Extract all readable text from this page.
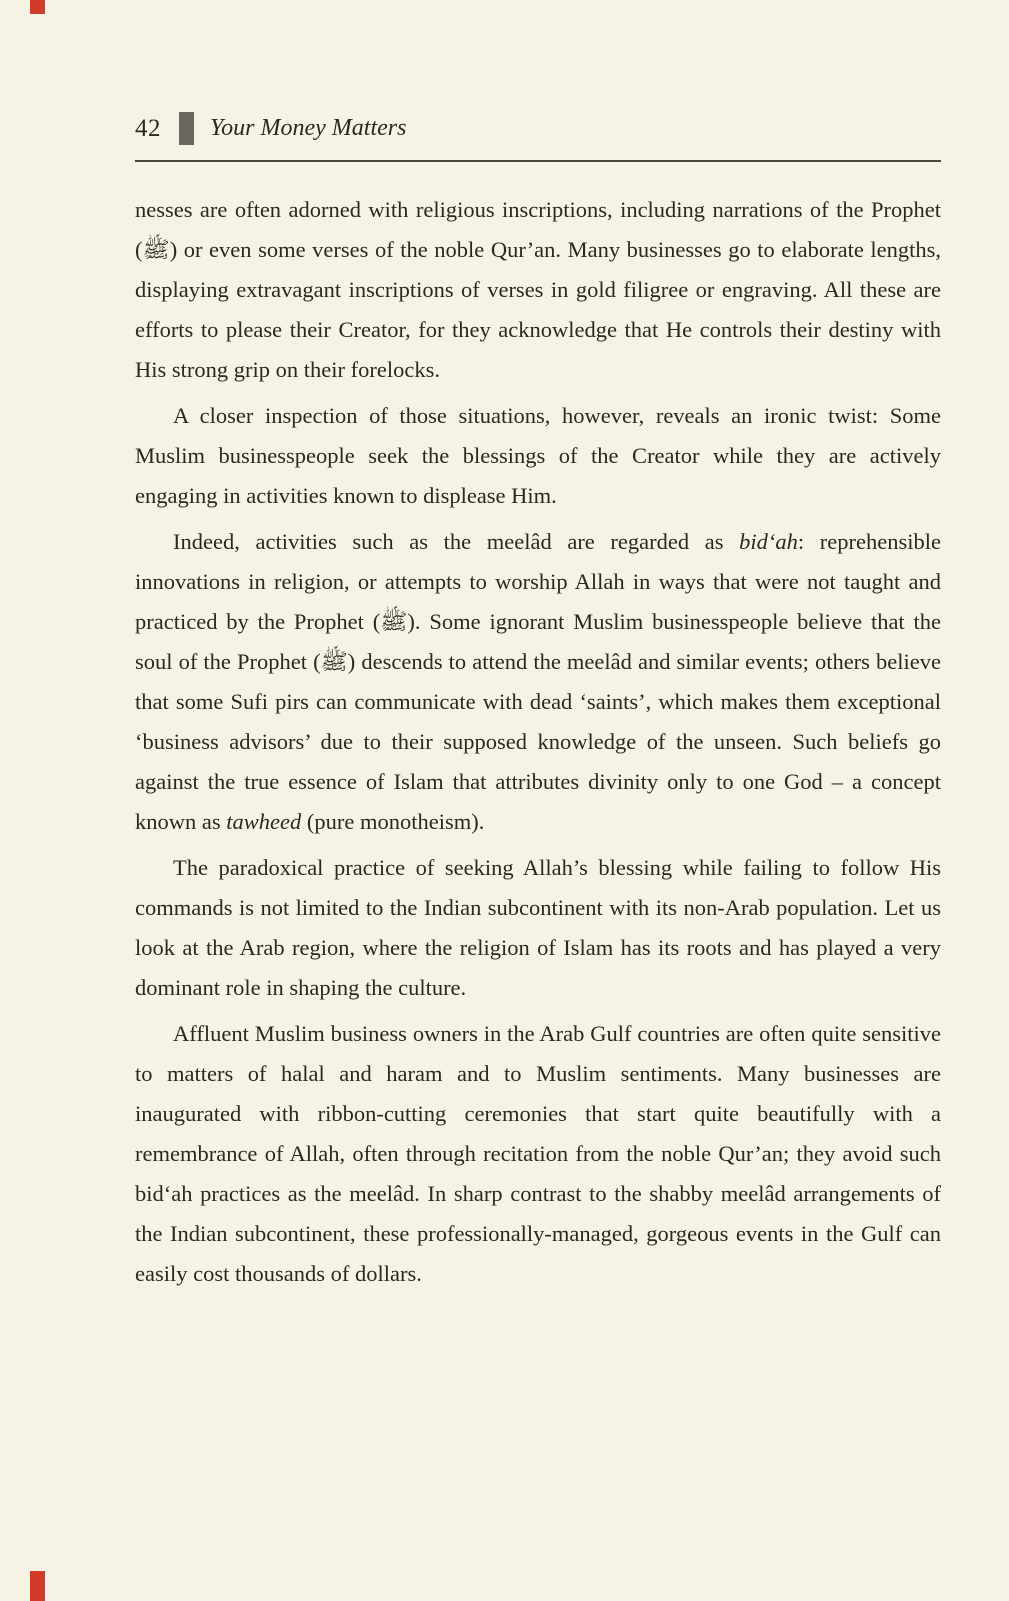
42 Your Money Matters

nesses are often adorned with religious inscriptions, including narrations of the Prophet (ﷺ) or even some verses of the noble Qur’an. Many businesses go to elaborate lengths, displaying extravagant inscriptions of verses in gold filigree or engraving. All these are efforts to please their Creator, for they acknowledge that He controls their destiny with His strong grip on their forelocks.

A closer inspection of those situations, however, reveals an ironic twist: Some Muslim businesspeople seek the blessings of the Creator while they are actively engaging in activities known to displease Him.

Indeed, activities such as the meelâd are regarded as bid‘ah: reprehensible innovations in religion, or attempts to worship Allah in ways that were not taught and practiced by the Prophet (ﷺ). Some ignorant Muslim businesspeople believe that the soul of the Prophet (ﷺ) descends to attend the meelâd and similar events; others believe that some Sufi pirs can communicate with dead ‘saints’, which makes them exceptional ‘business advisors’ due to their supposed knowledge of the unseen. Such beliefs go against the true essence of Islam that attributes divinity only to one God – a concept known as tawheed (pure monotheism).

The paradoxical practice of seeking Allah’s blessing while failing to follow His commands is not limited to the Indian subcontinent with its non-Arab population. Let us look at the Arab region, where the religion of Islam has its roots and has played a very dominant role in shaping the culture.

Affluent Muslim business owners in the Arab Gulf countries are often quite sensitive to matters of halal and haram and to Muslim sentiments. Many businesses are inaugurated with ribbon-cutting ceremonies that start quite beautifully with a remembrance of Allah, often through recitation from the noble Qur’an; they avoid such bid‘ah practices as the meelâd. In sharp contrast to the shabby meelâd arrangements of the Indian subcontinent, these professionally-managed, gorgeous events in the Gulf can easily cost thousands of dollars.
